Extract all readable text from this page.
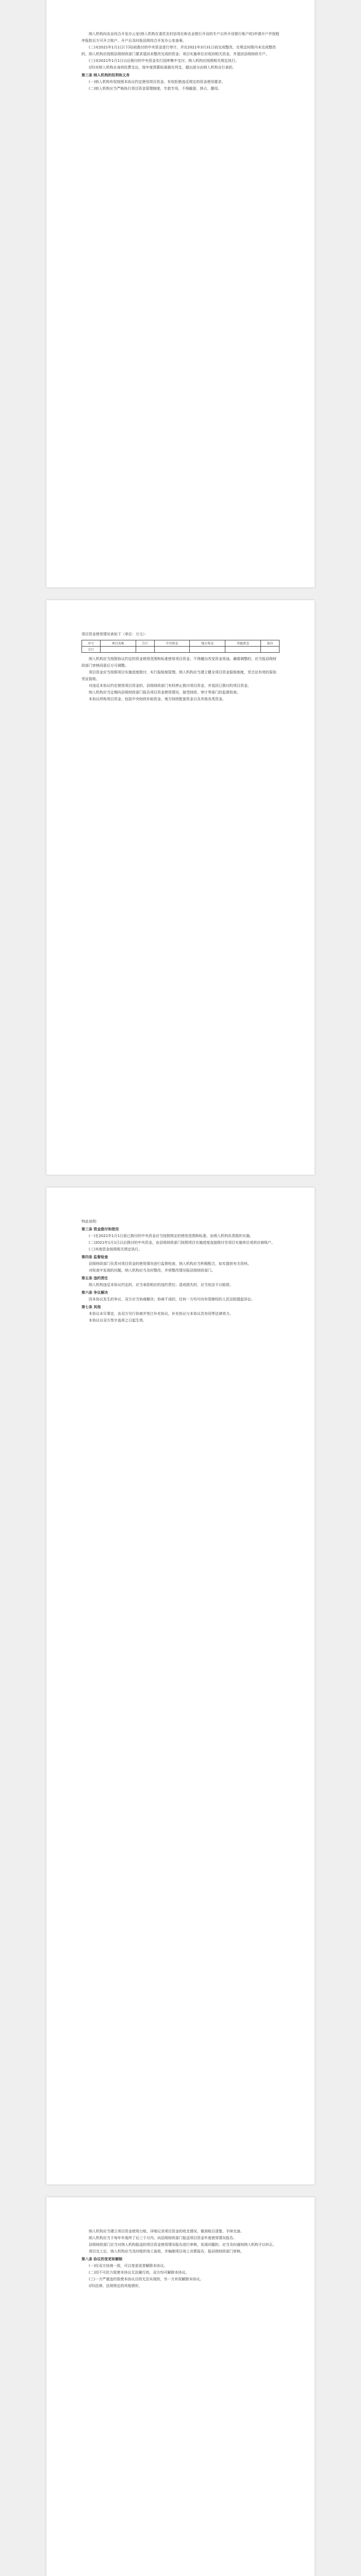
纳入机构向农业综合开发办公室(纳入机构在委托农村信用社和农业银行开设的专户以外开设银行账户的)申请开户并按程序报批后方可开立账户，开户后及时报县级综合开发办公室备案。

(二)对2021年1月1日(下同)前拨付的中央资金进行审计，并在2021年3月31日前完成整改，在规定时限内未完成整改的，纳入机构应按照县级财政部门要求退回未整改完成的资金；项目实施单位应收回相关资金，并退回县级财政专户。

(三)对2021年1月1日以后拨付的中央资金实行国库集中支付，纳入机构应按照相关规定执行。

(四)对纳入机构自身的经费支出，按年度预算标准据实列支，超出部分由纳入机构自行承担。

第三条 纳入机构的权利和义务

(一)纳入机构有权按照本协议约定使用项目资金，有权拒绝违反规定的资金使用要求。

(二)纳入机构应当严格执行项目资金管理制度，专款专用，不得截留、挤占、挪用。

项目资金使用情况表如下（单位：万元）：

序号	项目名称	合计	中央资金	地方资金	其他资金	备注
合计						

纳入机构应当按照协议约定的资金使用范围和标准使用项目资金，不得擅自改变资金用途。确需调整的，应当报县级财政部门审核同意后方可调整。

项目资金应当按照项目实施进度拨付，实行报账制管理。纳入机构应当建立健全项目资金报账制度，凭合法有效的原始凭证报账。

对违反本协议约定使用项目资金的，县级财政部门有权停止拨付项目资金，并追回已拨付的项目资金。

纳入机构应当定期向县级财政部门报告项目资金使用情况，接受财政、审计等部门的监督检查。

本协议所称项目资金，包括中央财政补助资金、地方财政配套资金以及其他各类资金。

特此说明：

第三条 资金拨付和使用

(一)在2021年1月1日前已拨付的中央资金应当按照规定的使用范围和标准，由纳入机构负责组织实施。

(二)2021年1月1日以后拨付的中央资金，由县级财政部门按照项目实施进度直接拨付至项目实施单位或供应商账户。

(三)其他资金按照相关规定执行。

第四条 监督检查

县级财政部门负责对项目资金的使用情况进行监督检查，纳入机构应当积极配合，如实提供有关资料。

对检查中发现的问题，纳入机构应当及时整改，并将整改情况报县级财政部门。

第五条 违约责任

纳入机构违反本协议约定的，应当承担相应的违约责任；造成损失的，应当依法予以赔偿。

第六条 争议解决

因本协议发生的争议，双方应当协商解决；协商不成的，任何一方均可向有管辖权的人民法院提起诉讼。

第七条 其他

本协议未尽事宜，由双方另行协商并签订补充协议，补充协议与本协议具有同等法律效力。

本协议自双方签字盖章之日起生效。

纳入机构应当建立项目资金使用台账，详细记录项目资金的收支情况，做到账目清楚、手续完备。

纳入机构应当于每年年度终了后三个月内，向县级财政部门报送项目资金年度使用情况报告。

县级财政部门应当对纳入机构报送的项目资金使用情况报告进行审核，发现问题的，应当及时通知纳入机构予以纠正。

项目完工后，纳入机构应当及时组织竣工验收，并编制项目竣工决算报告，报县级财政部门审核。

第八条 协议的变更和解除

(一)经双方协商一致，可以变更或者解除本协议。

(二)因不可抗力致使本协议无法履行的，双方均可解除本协议。

(三)一方严重违约致使本协议目的无法实现的，另一方有权解除本协议。

(四)法律、法规规定的其他情形。
